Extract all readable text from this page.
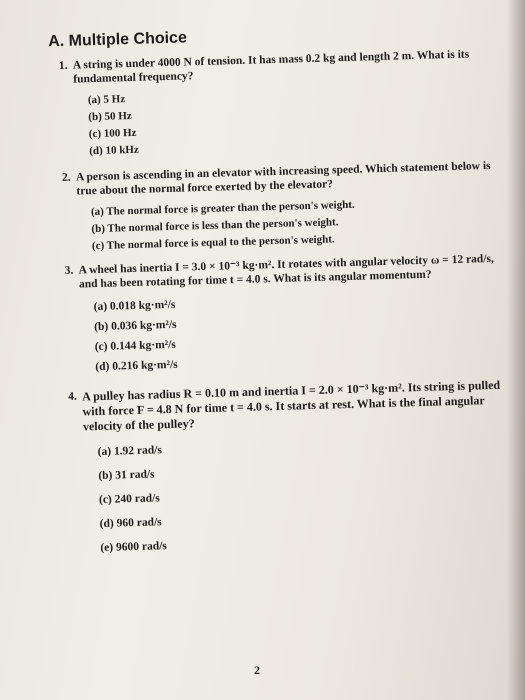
A. Multiple Choice
1. A string is under 4000 N of tension. It has mass 0.2 kg and length 2 m. What is its fundamental frequency?
(a) 5 Hz
(b) 50 Hz
(c) 100 Hz
(d) 10 kHz
2. A person is ascending in an elevator with increasing speed. Which statement below is true about the normal force exerted by the elevator?
(a) The normal force is greater than the person's weight.
(b) The normal force is less than the person's weight.
(c) The normal force is equal to the person's weight.
3. A wheel has inertia I = 3.0 × 10⁻³ kg·m². It rotates with angular velocity ω = 12 rad/s, and has been rotating for time t = 4.0 s. What is its angular momentum?
(a) 0.018 kg·m²/s
(b) 0.036 kg·m²/s
(c) 0.144 kg·m²/s
(d) 0.216 kg·m²/s
4. A pulley has radius R = 0.10 m and inertia I = 2.0 × 10⁻³ kg·m². Its string is pulled with force F = 4.8 N for time t = 4.0 s. It starts at rest. What is the final angular velocity of the pulley?
(a) 1.92 rad/s
(b) 31 rad/s
(c) 240 rad/s
(d) 960 rad/s
(e) 9600 rad/s
2
